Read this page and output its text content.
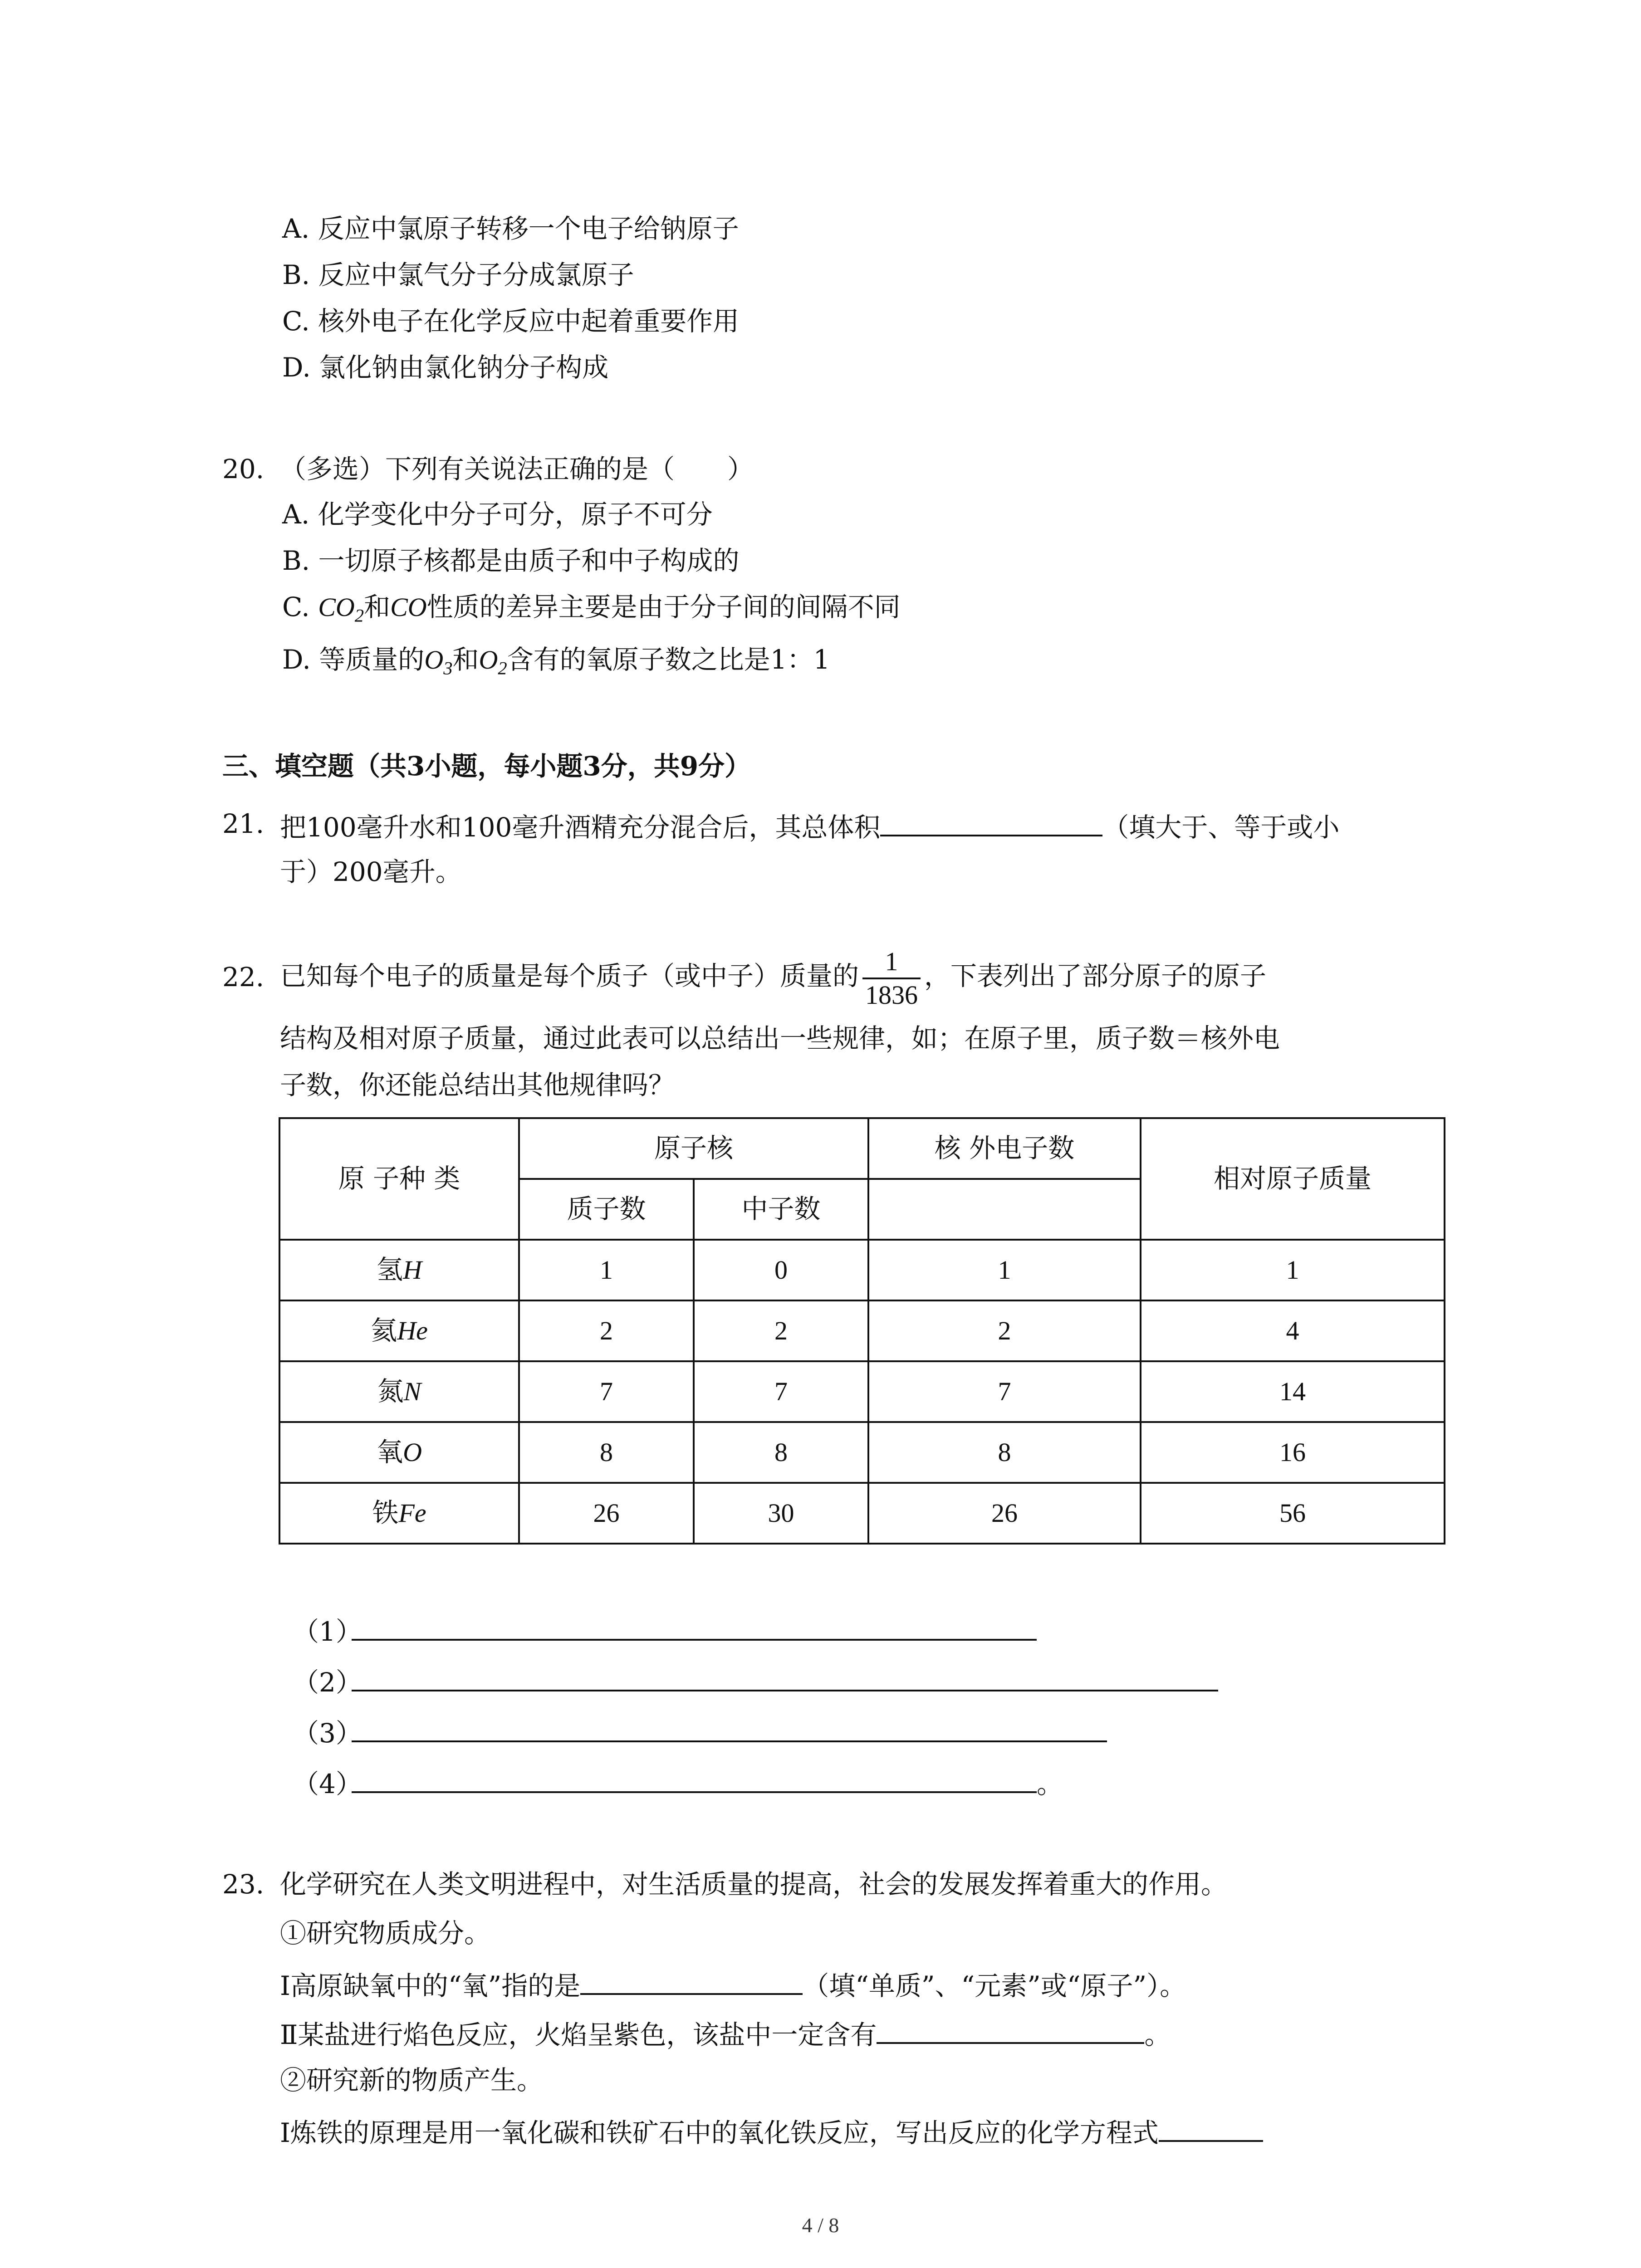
A. 反应中氯原子转移一个电子给钠原子
B. 反应中氯气分子分成氯原子
C. 核外电子在化学反应中起着重要作用
D. 氯化钠由氯化钠分子构成
20. （多选）下列有关说法正确的是（　　）
A. 化学变化中分子可分，原子不可分
B. 一切原子核都是由质子和中子构成的
C. $CO_2$和CO性质的差异主要是由于分子间的间隔不同
D. 等质量的$O_3$和$O_2$含有的氧原子数之比是1：1
三、填空题（共3小题，每小题3分，共9分）
21. 把100毫升水和100毫升酒精充分混合后，其总体积	（填大于、等于或小
于）200毫升。
22. 已知每个电子的质量是每个质子（或中子）质量的 $\frac{1}{1836}$ ，下表列出了部分原子的原子
结构及相对原子质量，通过此表可以总结出一些规律，如；在原子里，质子数＝核外电
子数，你还能总结出其他规律吗？
原 子种 类	原子核		核 外电子数	相对原子质量
	质子数	中子数		
氢H	1	0	1	1
氦He	2	2	2	4
氮N	7	7	7	14
氧O	8	8	8	16
铁Fe	26	30	26	56
（1）
（2）
（3）
（4）	。
23. 化学研究在人类文明进程中，对生活质量的提高，社会的发展发挥着重大的作用。
①研究物质成分。
Ⅰ高原缺氧中的“氧”指的是	（填“单质”、“元素”或“原子”）。
Ⅱ某盐进行焰色反应，火焰呈紫色，该盐中一定含有	。
②研究新的物质产生。
Ⅰ炼铁的原理是用一氧化碳和铁矿石中的氧化铁反应，写出反应的化学方程式
4 / 8
